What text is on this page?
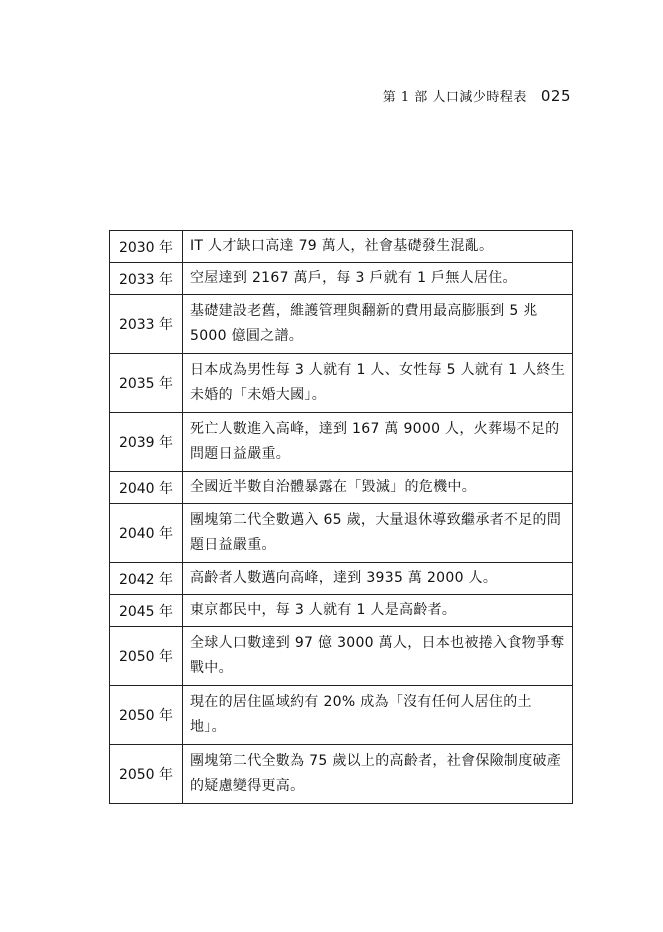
第 1 部 人口減少時程表 025
2030 年	IT 人才缺口高達 79 萬人，社會基礎發生混亂。
2033 年	空屋達到 2167 萬戶，每 3 戶就有 1 戶無人居住。
2033 年	基礎建設老舊，維護管理與翻新的費用最高膨脹到 5 兆 5000 億圓之譜。
2035 年	日本成為男性每 3 人就有 1 人、女性每 5 人就有 1 人終生未婚的「未婚大國」。
2039 年	死亡人數進入高峰，達到 167 萬 9000 人，火葬場不足的問題日益嚴重。
2040 年	全國近半數自治體暴露在「毀滅」的危機中。
2040 年	團塊第二代全數邁入 65 歲，大量退休導致繼承者不足的問題日益嚴重。
2042 年	高齡者人數邁向高峰，達到 3935 萬 2000 人。
2045 年	東京都民中，每 3 人就有 1 人是高齡者。
2050 年	全球人口數達到 97 億 3000 萬人，日本也被捲入食物爭奪戰中。
2050 年	現在的居住區域約有 20% 成為「沒有任何人居住的土地」。
2050 年	團塊第二代全數為 75 歲以上的高齡者，社會保險制度破產的疑慮變得更高。
